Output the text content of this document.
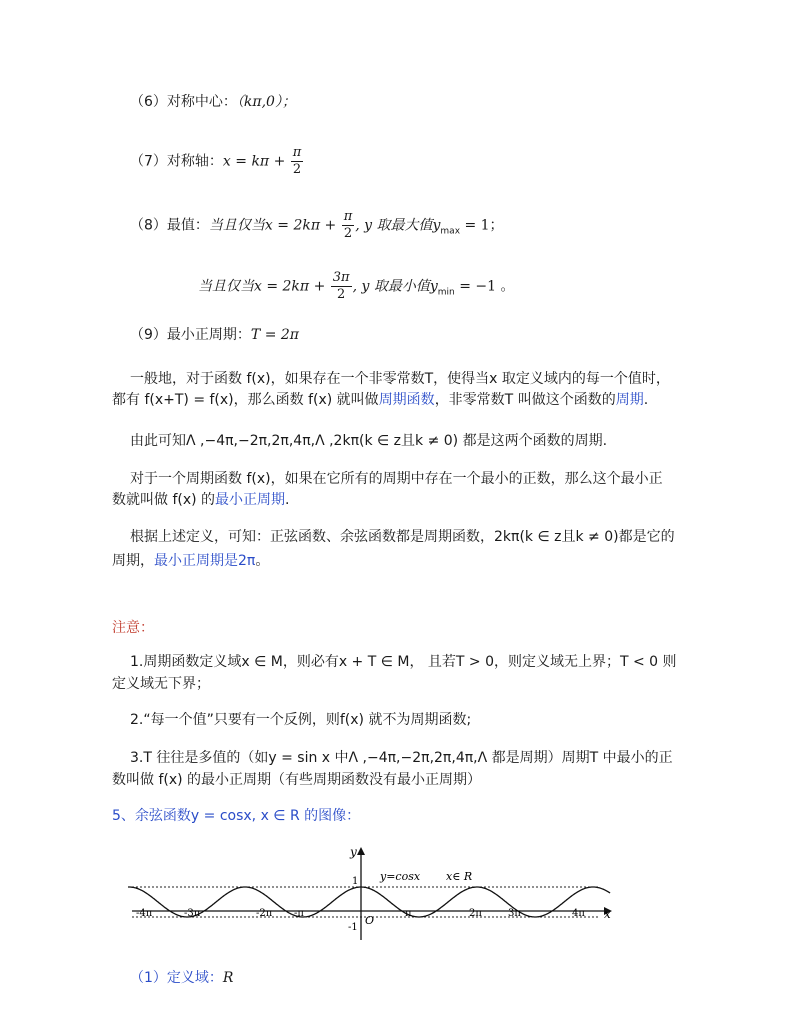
（6）对称中心：（kπ,0）；
（7）对称轴：$x = k\pi + \frac{\pi}{2}$
（8）最值：当且仅当$x = 2k\pi + \frac{\pi}{2}$ , y 取最大值$y_{max} = 1$；
当且仅当$x = 2k\pi + \frac{3\pi}{2}$ , y 取最小值$y_{min} = -1$ 。
（9）最小正周期：T = 2π
一般地，对于函数 f(x)，如果存在一个非零常数T，使得当x 取定义域内的每一个值时，
都有 f(x+T) = f(x)，那么函数 f(x) 就叫做周期函数，非零常数T 叫做这个函数的周期.
由此可知Λ ,−4π,−2π,2π,4π,Λ ,2kπ(k ∈ z且k ≠ 0) 都是这两个函数的周期.
对于一个周期函数 f(x)，如果在它所有的周期中存在一个最小的正数，那么这个最小正
数就叫做 f(x) 的最小正周期.
根据上述定义，可知：正弦函数、余弦函数都是周期函数，2kπ(k ∈ z且k ≠ 0)都是它的
周期，最小正周期是2π。
注意：
1.周期函数定义域x ∈ M，则必有x + T ∈ M， 且若T > 0，则定义域无上界；T < 0 则
定义域无下界；
2.“每一个值”只要有一个反例，则f(x) 就不为周期函数;
3.T 往往是多值的（如y = sin x 中Λ ,−4π,−2π,2π,4π,Λ 都是周期）周期T 中最小的正
数叫做 f(x) 的最小正周期（有些周期函数没有最小正周期）
5、余弦函数y = cosx, x ∈ R 的图像：
y
x
y=cosx x∈ R
O
1
-1
-4π	-3π	-2π -π	π	2π	3π	4π
（1）定义域：R
